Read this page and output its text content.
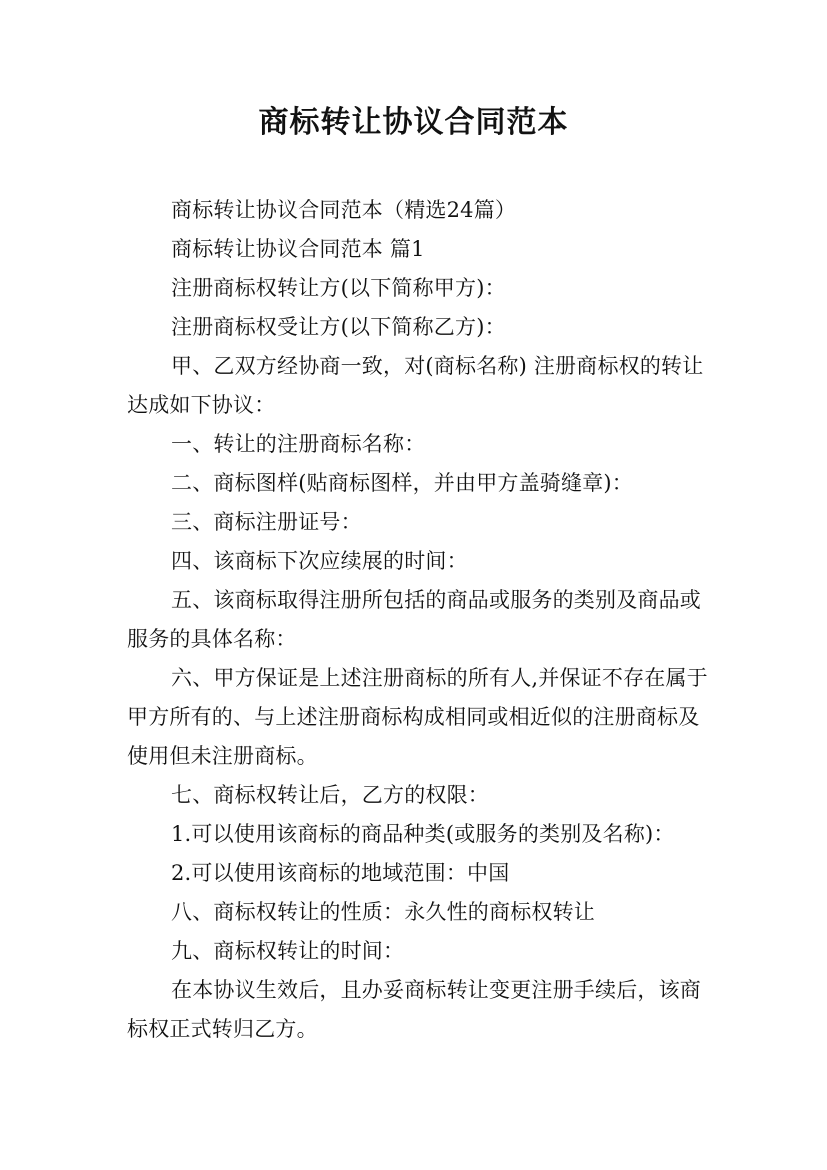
商标转让协议合同范本

商标转让协议合同范本（精选24篇）

商标转让协议合同范本 篇1

注册商标权转让方(以下简称甲方)：

注册商标权受让方(以下简称乙方)：

甲、乙双方经协商一致，对(商标名称) 注册商标权的转让达成如下协议：

一、转让的注册商标名称：

二、商标图样(贴商标图样，并由甲方盖骑缝章)：

三、商标注册证号：

四、该商标下次应续展的时间：

五、该商标取得注册所包括的商品或服务的类别及商品或服务的具体名称：

六、甲方保证是上述注册商标的所有人,并保证不存在属于甲方所有的、与上述注册商标构成相同或相近似的注册商标及使用但未注册商标。

七、商标权转让后，乙方的权限：

1.可以使用该商标的商品种类(或服务的类别及名称)：

2.可以使用该商标的地域范围：中国

八、商标权转让的性质：永久性的商标权转让

九、商标权转让的时间：

在本协议生效后，且办妥商标转让变更注册手续后，该商标权正式转归乙方。
